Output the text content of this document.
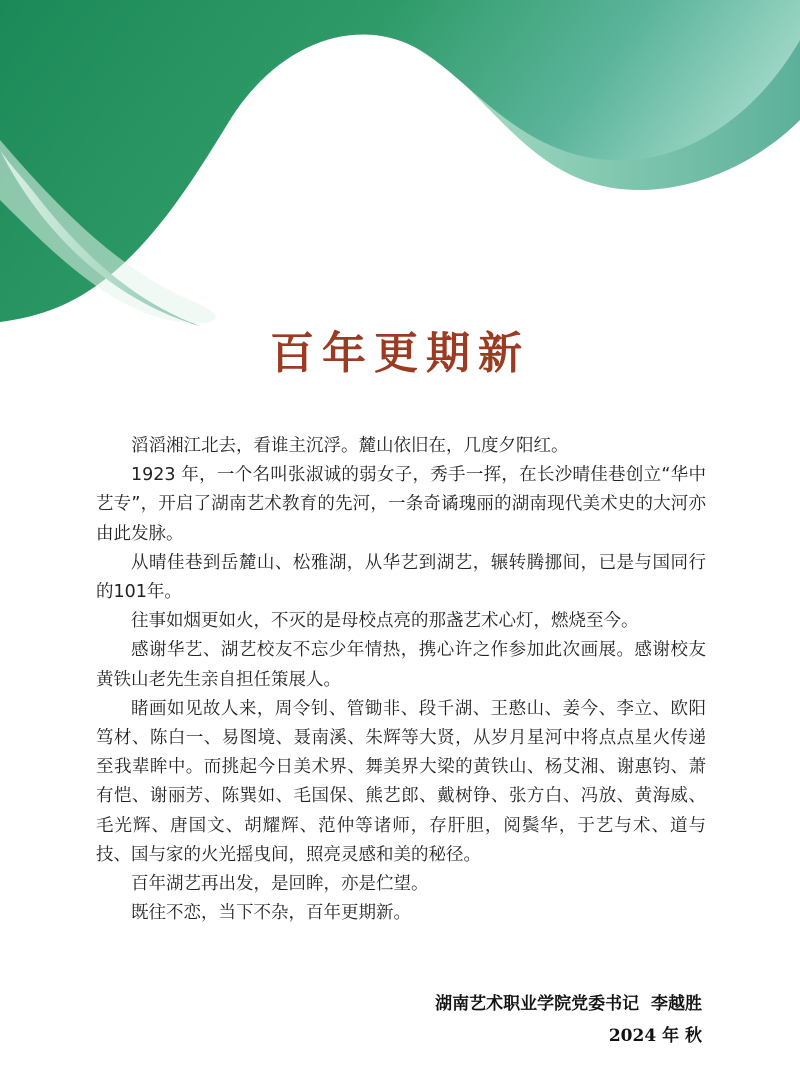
百年更期新

滔滔湘江北去，看谁主沉浮。麓山依旧在，几度夕阳红。

1923 年，一个名叫张淑诚的弱女子，秀手一挥，在长沙晴佳巷创立“华中艺专”，开启了湖南艺术教育的先河，一条奇谲瑰丽的湖南现代美术史的大河亦由此发脉。

从晴佳巷到岳麓山、松雅湖，从华艺到湖艺，辗转腾挪间，已是与国同行的101年。

往事如烟更如火，不灭的是母校点亮的那盏艺术心灯，燃烧至今。

感谢华艺、湖艺校友不忘少年情热，携心许之作参加此次画展。感谢校友黄铁山老先生亲自担任策展人。

睹画如见故人来，周令钊、管锄非、段千湖、王憨山、姜今、李立、欧阳笃材、陈白一、易图境、聂南溪、朱辉等大贤，从岁月星河中将点点星火传递至我辈眸中。而挑起今日美术界、舞美界大梁的黄铁山、杨艾湘、谢惠钧、萧有恺、谢丽芳、陈巽如、毛国保、熊艺郎、戴树铮、张方白、冯放、黄海威、毛光辉、唐国文、胡耀辉、范仲等诸师，存肝胆，阅鬓华，于艺与术、道与技、国与家的火光摇曳间，照亮灵感和美的秘径。

百年湖艺再出发，是回眸，亦是伫望。

既往不恋，当下不杂，百年更期新。

湖南艺术职业学院党委书记  李越胜
2024 年 秋
